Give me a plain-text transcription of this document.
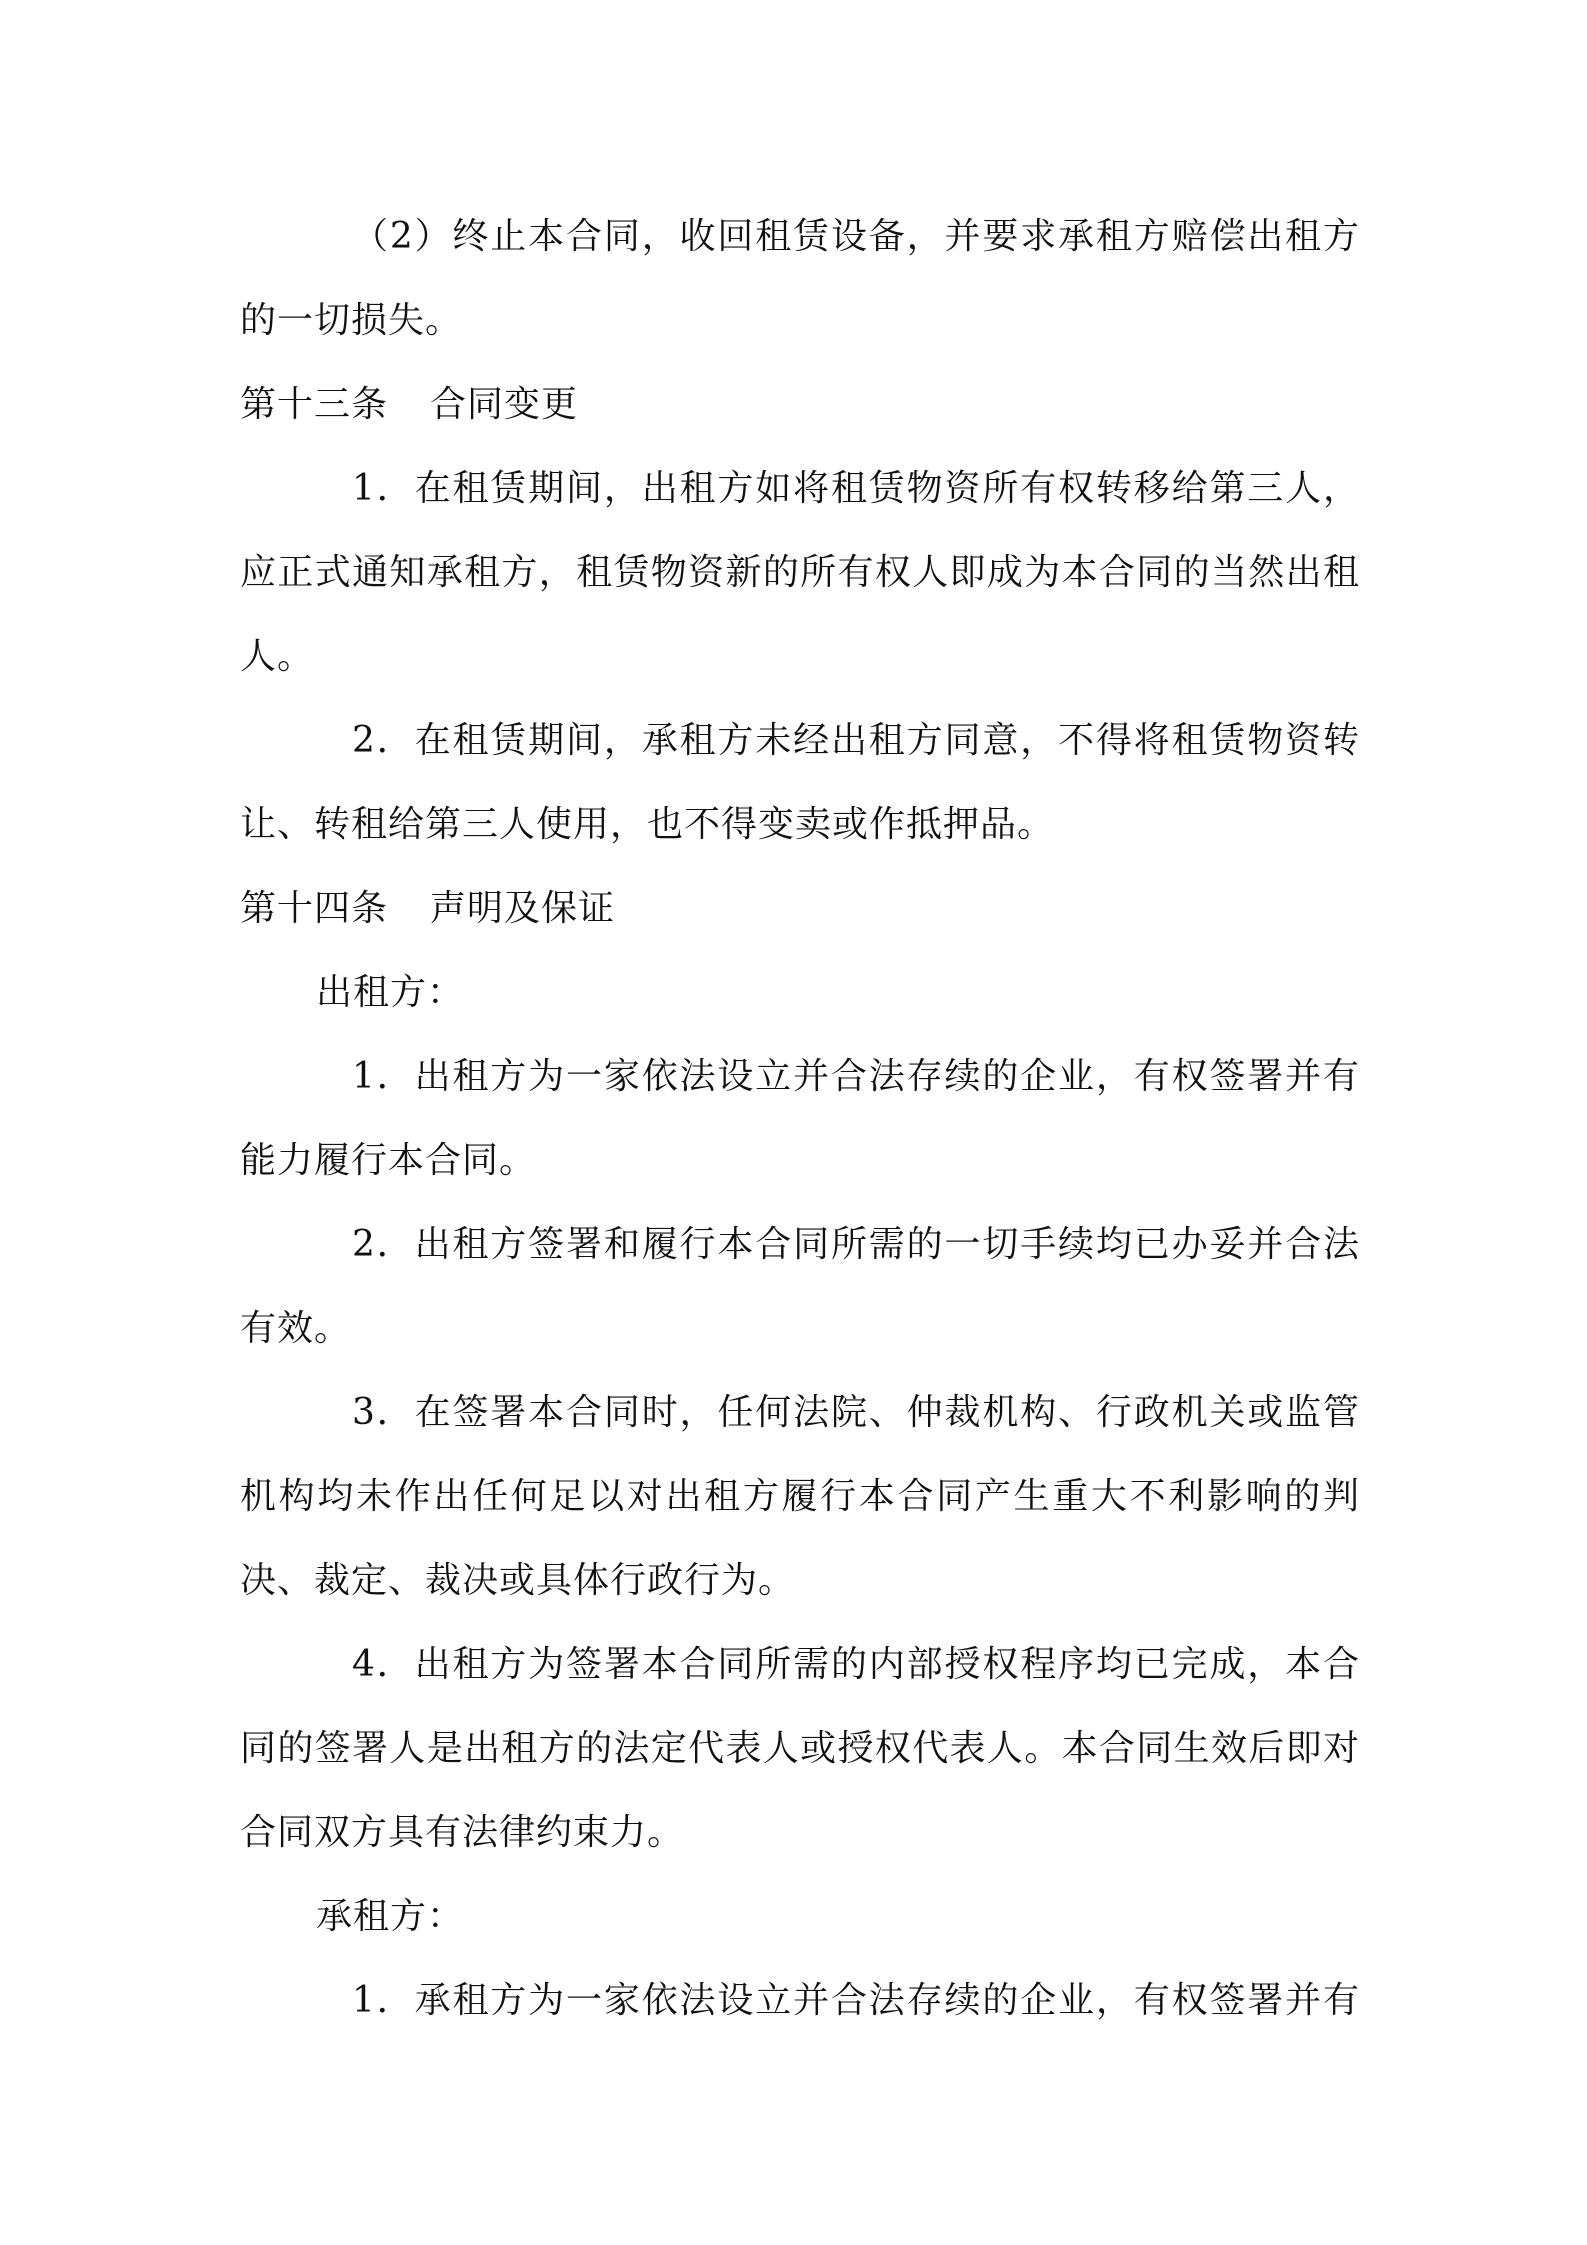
（2）终止本合同，收回租赁设备，并要求承租方赔偿出租方
的一切损失。
第十三条 合同变更
1．在租赁期间，出租方如将租赁物资所有权转移给第三人，
应正式通知承租方，租赁物资新的所有权人即成为本合同的当然出租
人。
2．在租赁期间，承租方未经出租方同意，不得将租赁物资转
让、转租给第三人使用，也不得变卖或作抵押品。
第十四条 声明及保证
出租方：
1．出租方为一家依法设立并合法存续的企业，有权签署并有
能力履行本合同。
2．出租方签署和履行本合同所需的一切手续均已办妥并合法
有效。
3．在签署本合同时，任何法院、仲裁机构、行政机关或监管
机构均未作出任何足以对出租方履行本合同产生重大不利影响的判
决、裁定、裁决或具体行政行为。
4．出租方为签署本合同所需的内部授权程序均已完成，本合
同的签署人是出租方的法定代表人或授权代表人。本合同生效后即对
合同双方具有法律约束力。
承租方：
1．承租方为一家依法设立并合法存续的企业，有权签署并有
